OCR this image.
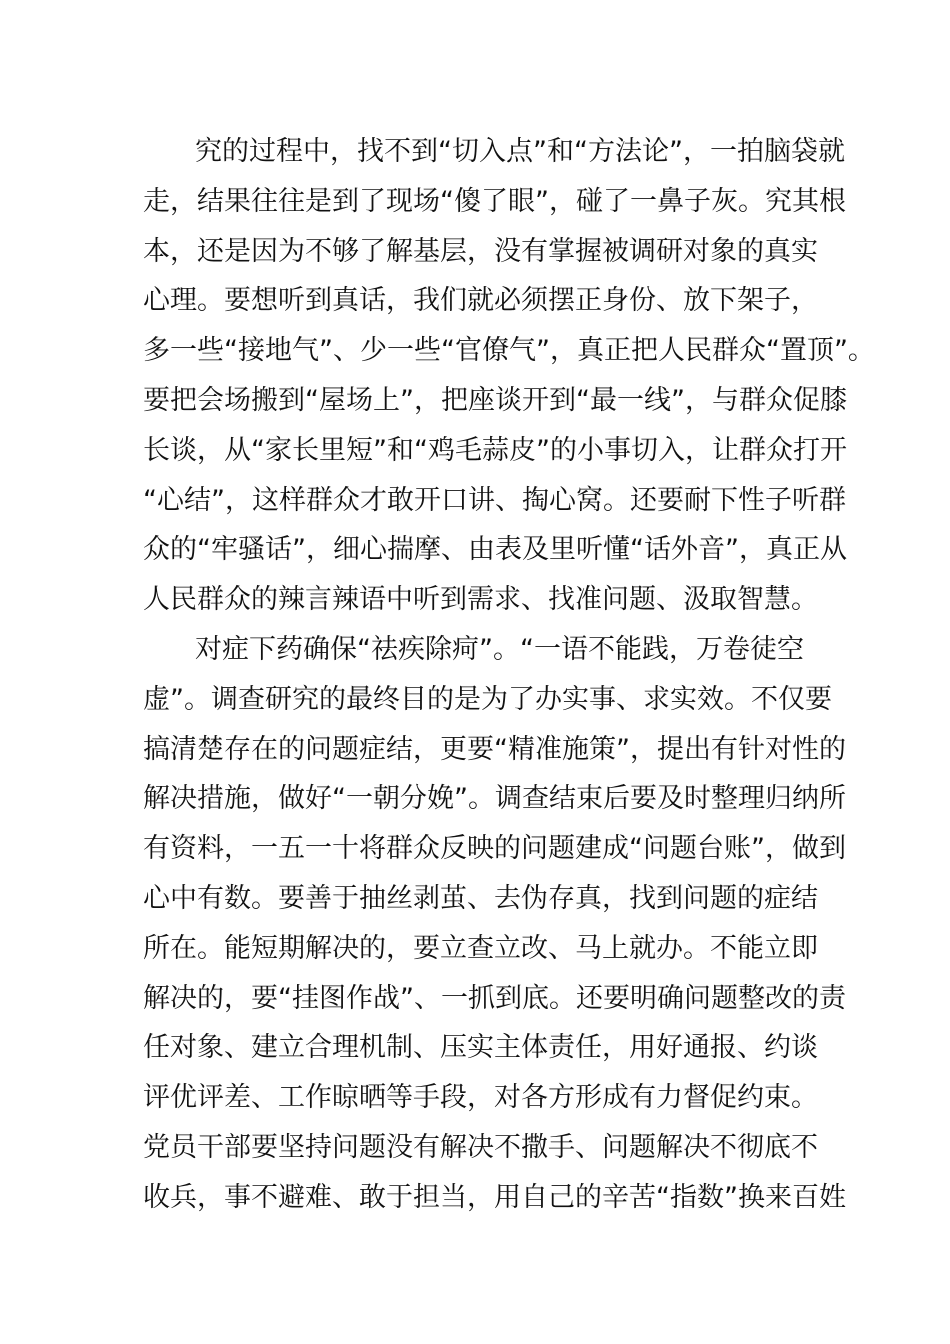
究的过程中，找不到“切入点”和“方法论”，一拍脑袋就
走，结果往往是到了现场“傻了眼”，碰了一鼻子灰。究其根
本，还是因为不够了解基层，没有掌握被调研对象的真实
心理。要想听到真话，我们就必须摆正身份、放下架子，
多一些“接地气”、少一些“官僚气”，真正把人民群众“置顶”。
要把会场搬到“屋场上”，把座谈开到“最一线”，与群众促膝
长谈，从“家长里短”和“鸡毛蒜皮”的小事切入，让群众打开
“心结”，这样群众才敢开口讲、掏心窝。还要耐下性子听群
众的“牢骚话”，细心揣摩、由表及里听懂“话外音”，真正从
人民群众的辣言辣语中听到需求、找准问题、汲取智慧。
对症下药确保“祛疾除疴”。“一语不能践，万卷徒空
虚”。调查研究的最终目的是为了办实事、求实效。不仅要
搞清楚存在的问题症结，更要“精准施策”，提出有针对性的
解决措施，做好“一朝分娩”。调查结束后要及时整理归纳所
有资料，一五一十将群众反映的问题建成“问题台账”，做到
心中有数。要善于抽丝剥茧、去伪存真，找到问题的症结
所在。能短期解决的，要立查立改、马上就办。不能立即
解决的，要“挂图作战”、一抓到底。还要明确问题整改的责
任对象、建立合理机制、压实主体责任，用好通报、约谈
评优评差、工作晾晒等手段，对各方形成有力督促约束。
党员干部要坚持问题没有解决不撒手、问题解决不彻底不
收兵，事不避难、敢于担当，用自己的辛苦“指数”换来百姓
